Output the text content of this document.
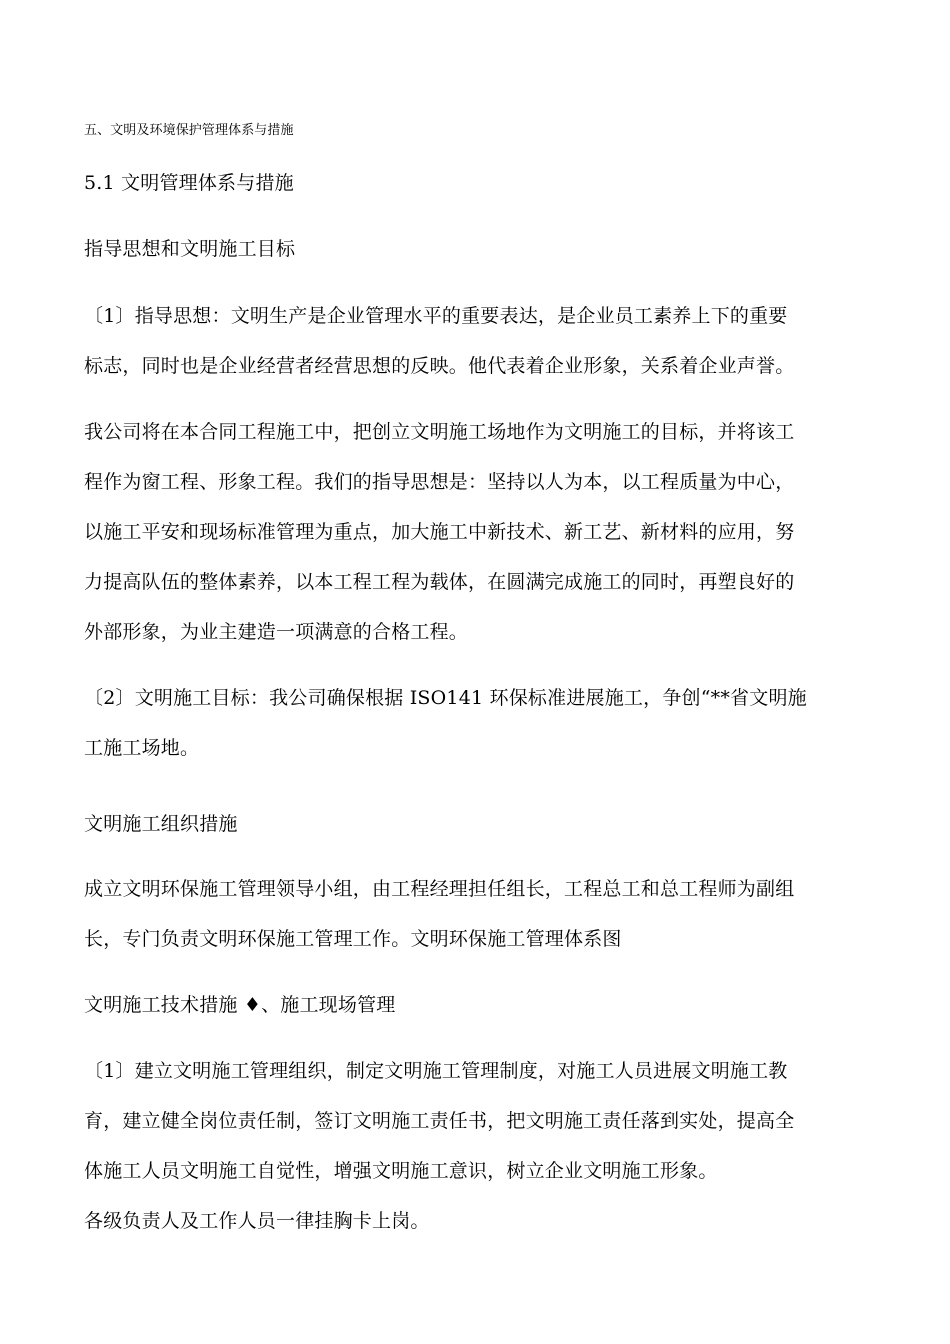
五、文明及环境保护管理体系与措施
5.1 文明管理体系与措施
指导思想和文明施工目标
〔1〕指导思想：文明生产是企业管理水平的重要表达，是企业员工素养上下的重要
标志，同时也是企业经营者经营思想的反映。他代表着企业形象，关系着企业声誉。
我公司将在本合同工程施工中，把创立文明施工场地作为文明施工的目标，并将该工
程作为窗工程、形象工程。我们的指导思想是：坚持以人为本，以工程质量为中心，
以施工平安和现场标准管理为重点，加大施工中新技术、新工艺、新材料的应用，努
力提高队伍的整体素养，以本工程工程为载体，在圆满完成施工的同时，再塑良好的
外部形象，为业主建造一项满意的合格工程。
〔2〕文明施工目标：我公司确保根据 ISO141 环保标准进展施工，争创“**省文明施
工施工场地。
文明施工组织措施
成立文明环保施工管理领导小组，由工程经理担任组长，工程总工和总工程师为副组
长，专门负责文明环保施工管理工作。文明环保施工管理体系图
文明施工技术措施 ♦、施工现场管理
〔1〕建立文明施工管理组织，制定文明施工管理制度，对施工人员进展文明施工教
育，建立健全岗位责任制，签订文明施工责任书，把文明施工责任落到实处，提高全
体施工人员文明施工自觉性，增强文明施工意识，树立企业文明施工形象。
各级负责人及工作人员一律挂胸卡上岗。
